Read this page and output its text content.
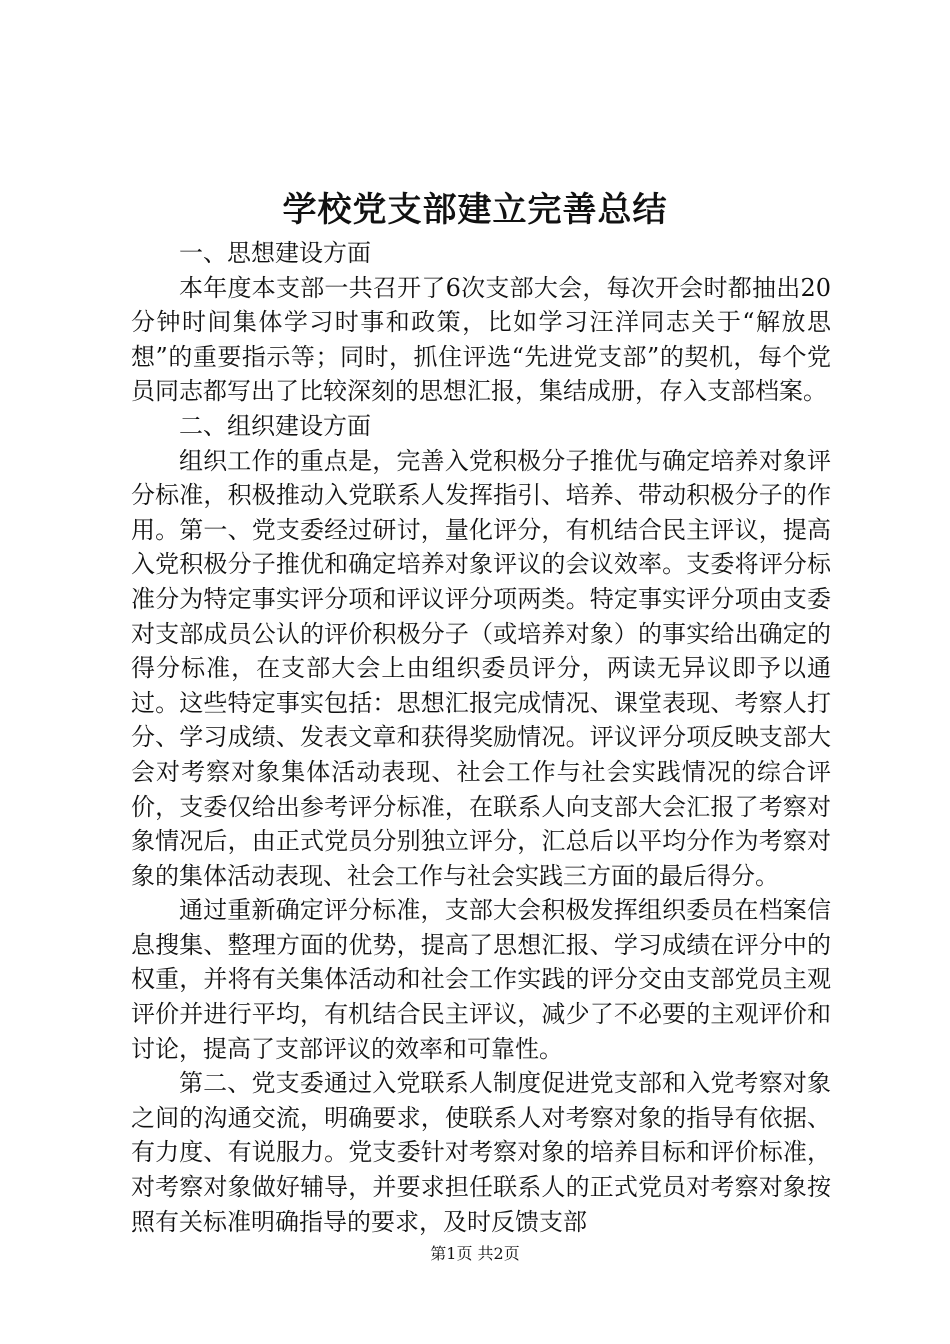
学校党支部建立完善总结

一、思想建设方面

本年度本支部一共召开了6次支部大会，每次开会时都抽出20分钟时间集体学习时事和政策，比如学习汪洋同志关于“解放思想”的重要指示等；同时，抓住评选“先进党支部”的契机，每个党员同志都写出了比较深刻的思想汇报，集结成册，存入支部档案。

二、组织建设方面

组织工作的重点是，完善入党积极分子推优与确定培养对象评分标准，积极推动入党联系人发挥指引、培养、带动积极分子的作用。第一、党支委经过研讨，量化评分，有机结合民主评议，提高入党积极分子推优和确定培养对象评议的会议效率。支委将评分标准分为特定事实评分项和评议评分项两类。特定事实评分项由支委对支部成员公认的评价积极分子（或培养对象）的事实给出确定的得分标准，在支部大会上由组织委员评分，两读无异议即予以通过。这些特定事实包括：思想汇报完成情况、课堂表现、考察人打分、学习成绩、发表文章和获得奖励情况。评议评分项反映支部大会对考察对象集体活动表现、社会工作与社会实践情况的综合评价，支委仅给出参考评分标准，在联系人向支部大会汇报了考察对象情况后，由正式党员分别独立评分，汇总后以平均分作为考察对象的集体活动表现、社会工作与社会实践三方面的最后得分。

通过重新确定评分标准，支部大会积极发挥组织委员在档案信息搜集、整理方面的优势，提高了思想汇报、学习成绩在评分中的权重，并将有关集体活动和社会工作实践的评分交由支部党员主观评价并进行平均，有机结合民主评议，减少了不必要的主观评价和讨论，提高了支部评议的效率和可靠性。

第二、党支委通过入党联系人制度促进党支部和入党考察对象之间的沟通交流，明确要求，使联系人对考察对象的指导有依据、有力度、有说服力。党支委针对考察对象的培养目标和评价标准，对考察对象做好辅导，并要求担任联系人的正式党员对考察对象按照有关标准明确指导的要求，及时反馈支部

第1页 共2页
